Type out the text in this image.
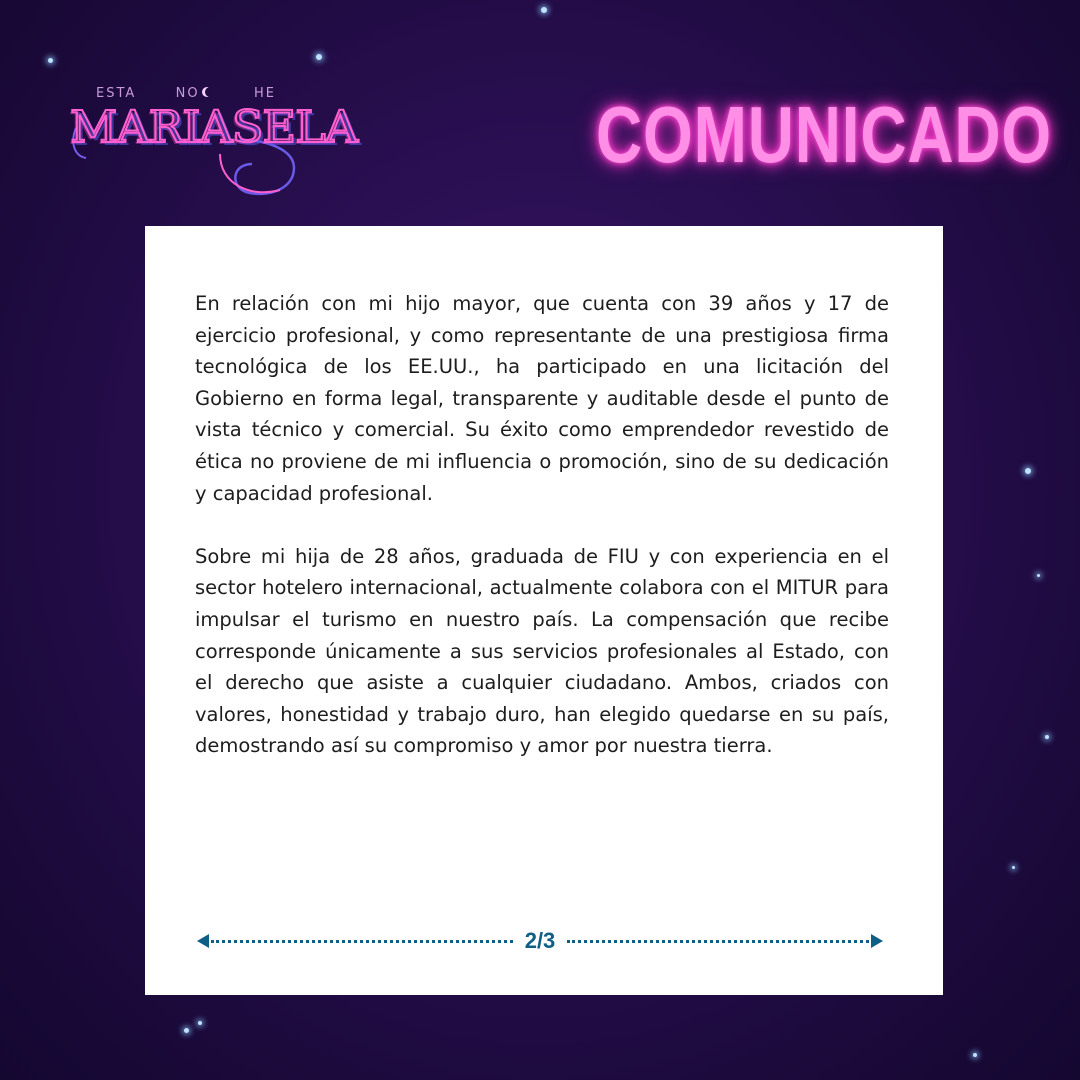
ESTA	NO	HE
MARIASELA	COMUNICADO

En relación con mi hijo mayor, que cuenta con 39 años y 17 de ejercicio profesional, y como representante de una prestigiosa firma tecnológica de los EE.UU., ha participado en una licitación del Gobierno en forma legal, transparente y auditable desde el punto de vista técnico y comercial. Su éxito como emprendedor revestido de ética no proviene de mi influencia o promoción, sino de su dedicación y capacidad profesional.

Sobre mi hija de 28 años, graduada de FIU y con experiencia en el sector hotelero internacional, actualmente colabora con el MITUR para impulsar el turismo en nuestro país. La compensación que recibe corresponde únicamente a sus servicios profesionales al Estado, con el derecho que asiste a cualquier ciudadano. Ambos, criados con valores, honestidad y trabajo duro, han elegido quedarse en su país, demostrando así su compromiso y amor por nuestra tierra.

2/3
